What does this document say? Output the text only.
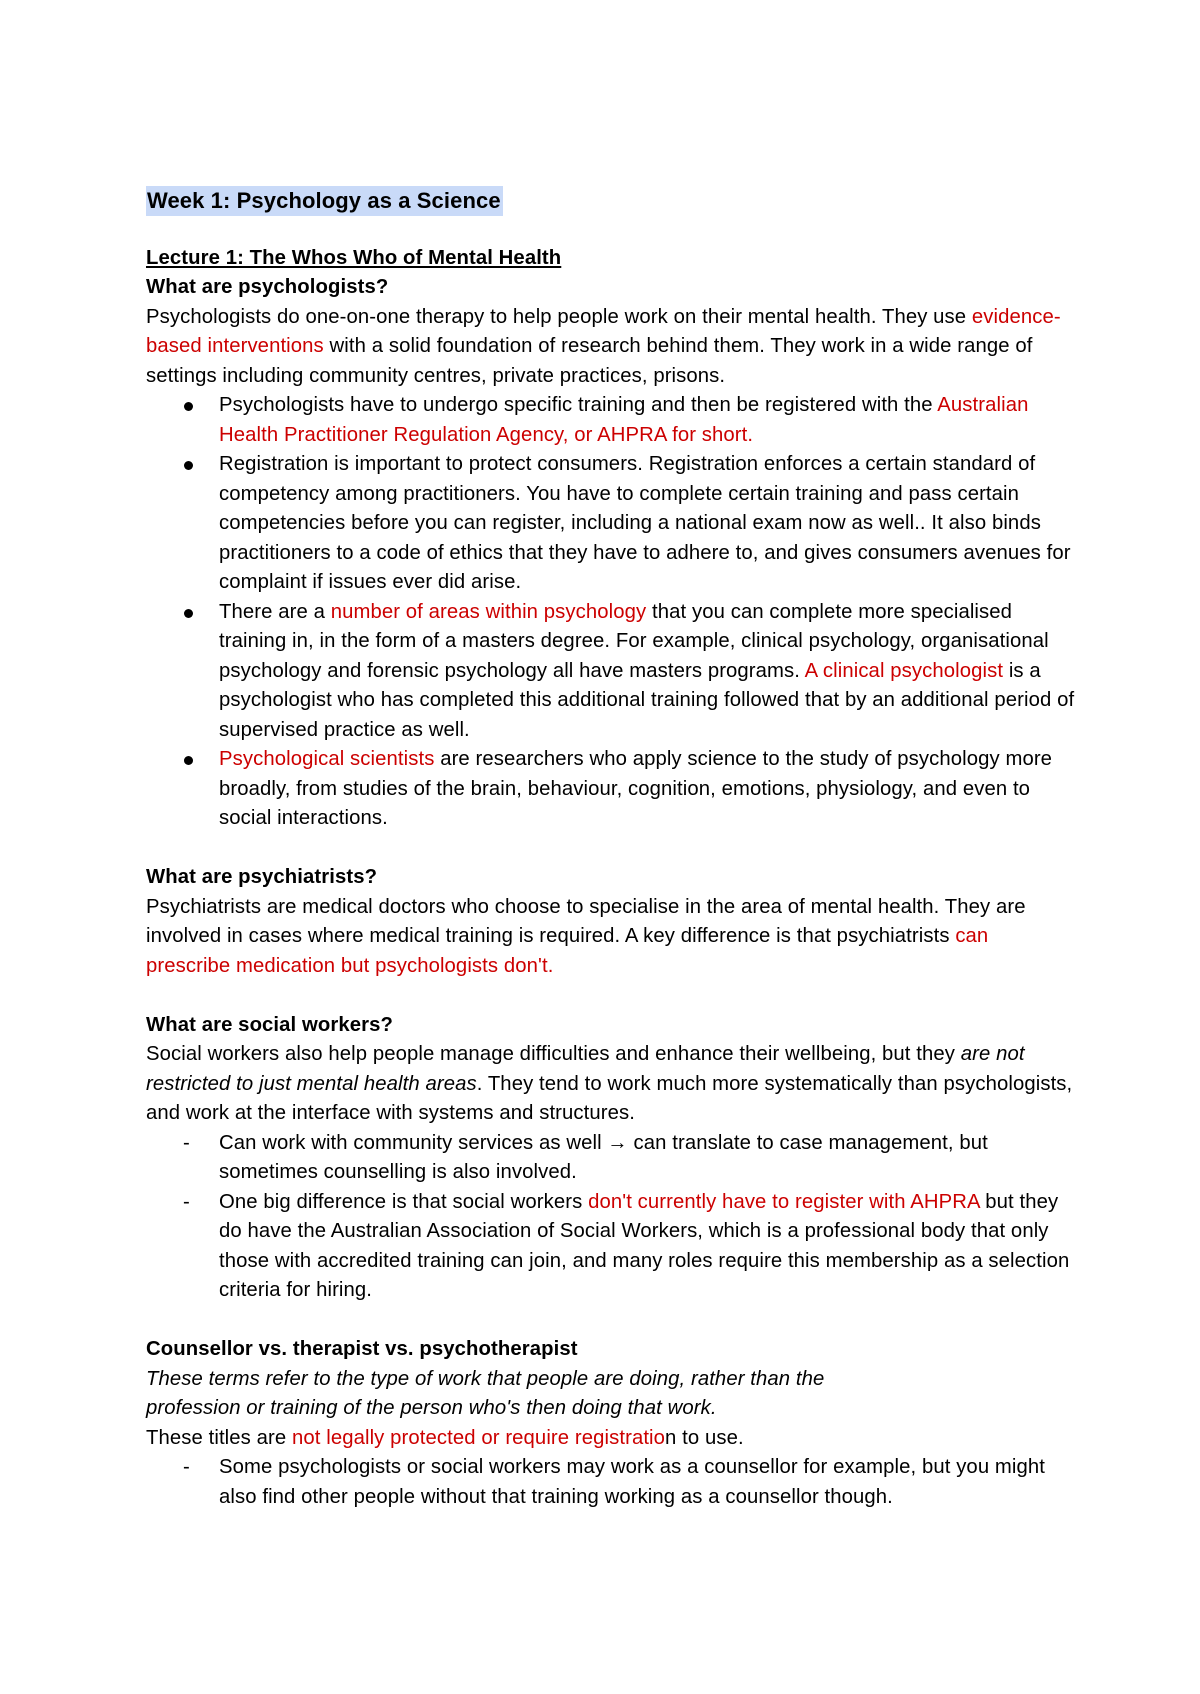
Week 1: Psychology as a Science

Lecture 1: The Whos Who of Mental Health

What are psychologists?

Psychologists do one-on-one therapy to help people work on their mental health. They use evidence-based interventions with a solid foundation of research behind them. They work in a wide range of settings including community centres, private practices, prisons.

Psychologists have to undergo specific training and then be registered with the Australian Health Practitioner Regulation Agency, or AHPRA for short.
Registration is important to protect consumers. Registration enforces a certain standard of competency among practitioners. You have to complete certain training and pass certain competencies before you can register, including a national exam now as well.. It also binds practitioners to a code of ethics that they have to adhere to, and gives consumers avenues for complaint if issues ever did arise.
There are a number of areas within psychology that you can complete more specialised training in, in the form of a masters degree. For example, clinical psychology, organisational psychology and forensic psychology all have masters programs. A clinical psychologist is a psychologist who has completed this additional training followed that by an additional period of supervised practice as well.
Psychological scientists are researchers who apply science to the study of psychology more broadly, from studies of the brain, behaviour, cognition, emotions, physiology, and even to social interactions.

What are psychiatrists?

Psychiatrists are medical doctors who choose to specialise in the area of mental health. They are involved in cases where medical training is required. A key difference is that psychiatrists can prescribe medication but psychologists don't.

What are social workers?

Social workers also help people manage difficulties and enhance their wellbeing, but they are not restricted to just mental health areas. They tend to work much more systematically than psychologists, and work at the interface with systems and structures.

- Can work with community services as well → can translate to case management, but sometimes counselling is also involved.
- One big difference is that social workers don't currently have to register with AHPRA but they do have the Australian Association of Social Workers, which is a professional body that only those with accredited training can join, and many roles require this membership as a selection criteria for hiring.

Counsellor vs. therapist vs. psychotherapist

These terms refer to the type of work that people are doing, rather than the

profession or training of the person who's then doing that work.

These titles are not legally protected or require registration to use.

- Some psychologists or social workers may work as a counsellor for example, but you might also find other people without that training working as a counsellor though.
